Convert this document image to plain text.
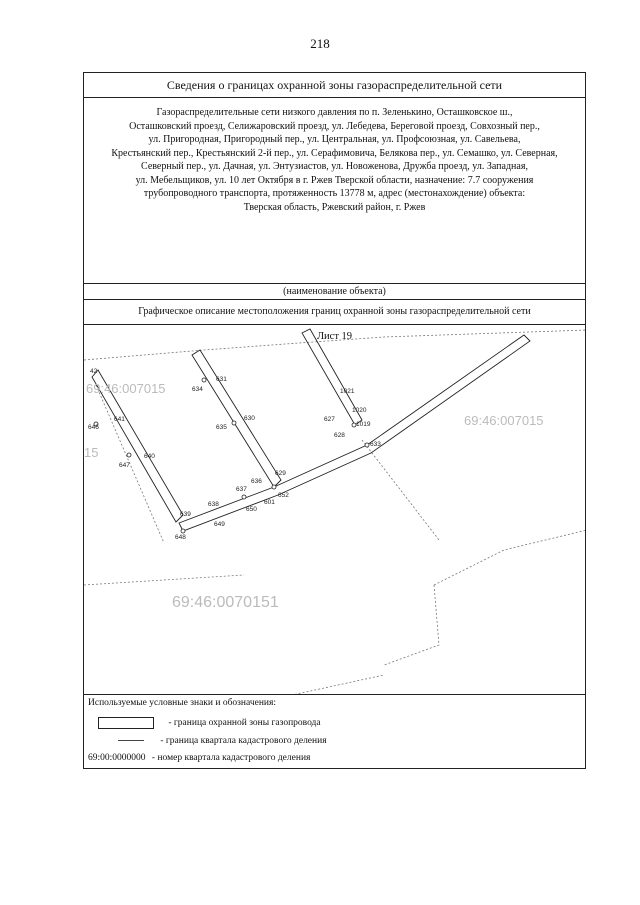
218
Сведения о границах охранной зоны газораспределительной сети
Газораспределительные сети низкого давления по п. Зеленькино, Осташковское ш.,
Осташковский проезд, Селижаровский проезд, ул. Лебедева, Береговой проезд, Совхозный пер.,
ул. Пригородная, Пригородный пер., ул. Центральная, ул. Профсоюзная, ул. Савельева,
Крестьянский пер., Крестьянский 2-й пер., ул. Серафимовича, Белякова пер., ул. Семашко, ул. Северная,
Северный пер., ул. Дачная, ул. Энтузиастов, ул. Новоженова, Дружба проезд, ул. Западная,
ул. Мебельщиков, ул. 10 лет Октября в г. Ржев Тверской области, назначение: 7.7 сооружения
трубопроводного транспорта, протяженность 13778 м, адрес (местонахождение) объекта:
Тверская область, Ржевский район, г. Ржев
(наименование объекта)
Графическое описание местоположения границ охранной зоны газораспределительной сети
Лист 19
69:46:007015
69:46:007015
69:46:0070151
15
42
631
634
641
646
630
635
640
647
629
636
637
652
601
638
650
639
649
648
1021
1020
627
1019
628
633
Используемые условные знаки и обозначения:
- граница охранной зоны газопровода
- граница квартала кадастрового деления
69:00:0000000 - номер квартала кадастрового деления
